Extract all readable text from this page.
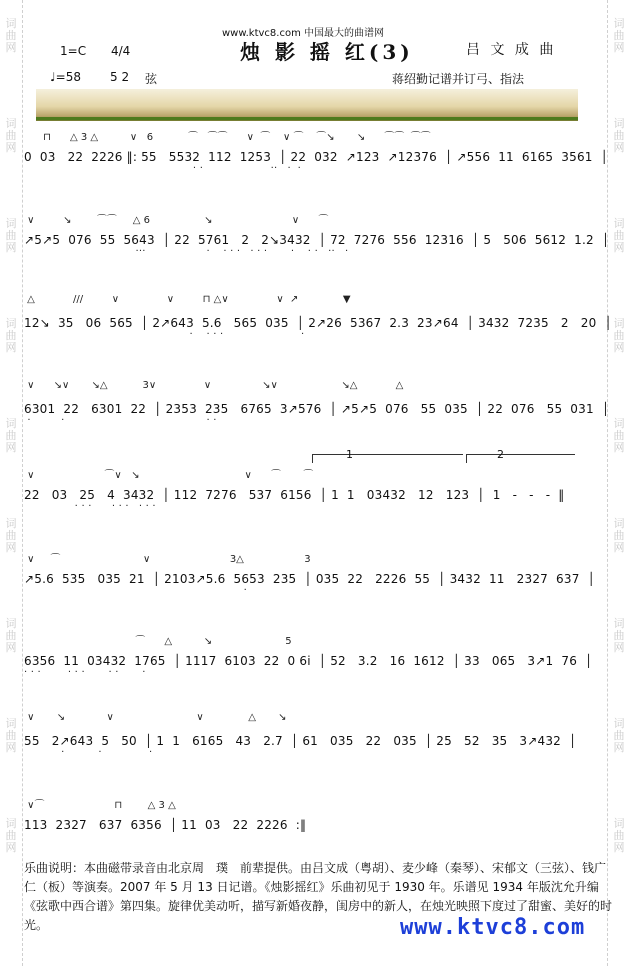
www.ktvc8.com 中国最大的曲谱网
烛 影 摇 红(3)	吕 文 成 曲
1=C 4/4
♩=58 5 2 弦	蒋绍勤记谱并订弓、指法
⊓      △ 3 △          ∨   6           ⌒   ⌒⌒      ∨  ⌒    ∨ ⌒    ⌒↘       ↘      ⌒⌒  ⌒⌒
0  03   22  2226 ‖: 55   5532  112  1253  │ 22  032  ↗123  ↗12376  │ ↗556  11  6165  3561  │
· ·                    ··   ·  ·
∨         ↘        ⌒⌒     △ 6                 ↘                         ∨      ⌒
↗5↗5  076  55  5643  │ 22  5761   2   2↘3432  │ 72  7276  556  12316  │ 5   506  5612  1.2  │
···                  ·    · · ·   · · ·       ·    · ·   ··   ·
△            ///         ∨               ∨         ⊓ △∨               ∨  ↗              ▼
12↘  35   06  565  │ 2↗643  5.6   565  035  │ 2↗26  5367  2.3  23↗64  │ 3432  7235   2   20  │
·    · · ·                       ·
∨      ↘∨       ↘△           3∨               ∨                ↘∨                    ↘△            △
6301  22   6301  22  │ 2353  235   6765  3↗576  │ ↗5↗5  076   55  035  │ 22  076   55  031  │
·         ·                                          · ·
∨                      ⌒∨   ↘                                 ∨      ⌒       ⌒
22   03   25   4  3432  │ 112  7276   537  6156  │ 1  1   03432   12   123  │  1   -   -   -  ‖
· · ·      · · ·   · · ·
∨     ⌒                          ∨                         3△                   3
↗5.6  535   035  21  │ 2103↗5.6  5653  235  │ 035  22   2226  55  │ 3432  11   2327  637  │
·
⌒      △          ↘                       5
6356  11  03432  1765  │ 1117  6103  22  0 6i  │ 52   3.2   16  1612  │ 33   065   3↗1  76  │
· · ·        · · ·       · ·       ·
∨       ↘             ∨                          ∨              △       ↘
55   2↗643  5   50  │ 1  1   6165   43   2.7  │ 61   035   22   035  │ 25   52   35   3↗432  │
·          ·              ·
∨⌒                      ⊓        △ 3 △
113  2327   637  6356  │ 11  03   22  2226  :‖
1	2
乐曲说明：本曲磁带录音由北京周　璞　前辈提供。由吕文成（粤胡）、麦少峰（秦琴）、宋郁文（三弦）、钱广仁（板）等演奏。2007 年 5 月 13 日记谱。《烛影摇红》乐曲初见于 1930 年。乐谱见 1934 年版沈允升编《弦歌中西合谱》第四集。旋律优美动听，描写新婚夜静，闺房中的新人，在烛光映照下度过了甜蜜、美好的时光。	www.ktvc8.com
词
曲
网
词
曲
网
词
曲
网
词
曲
网
词
曲
网
词
曲
网
词
曲
网
词
曲
网
词
曲
网
词
曲
网
词
曲
网
词
曲
网
词
曲
网
词
曲
网
词
曲
网
词
曲
网
词
曲
网
词
曲
网
